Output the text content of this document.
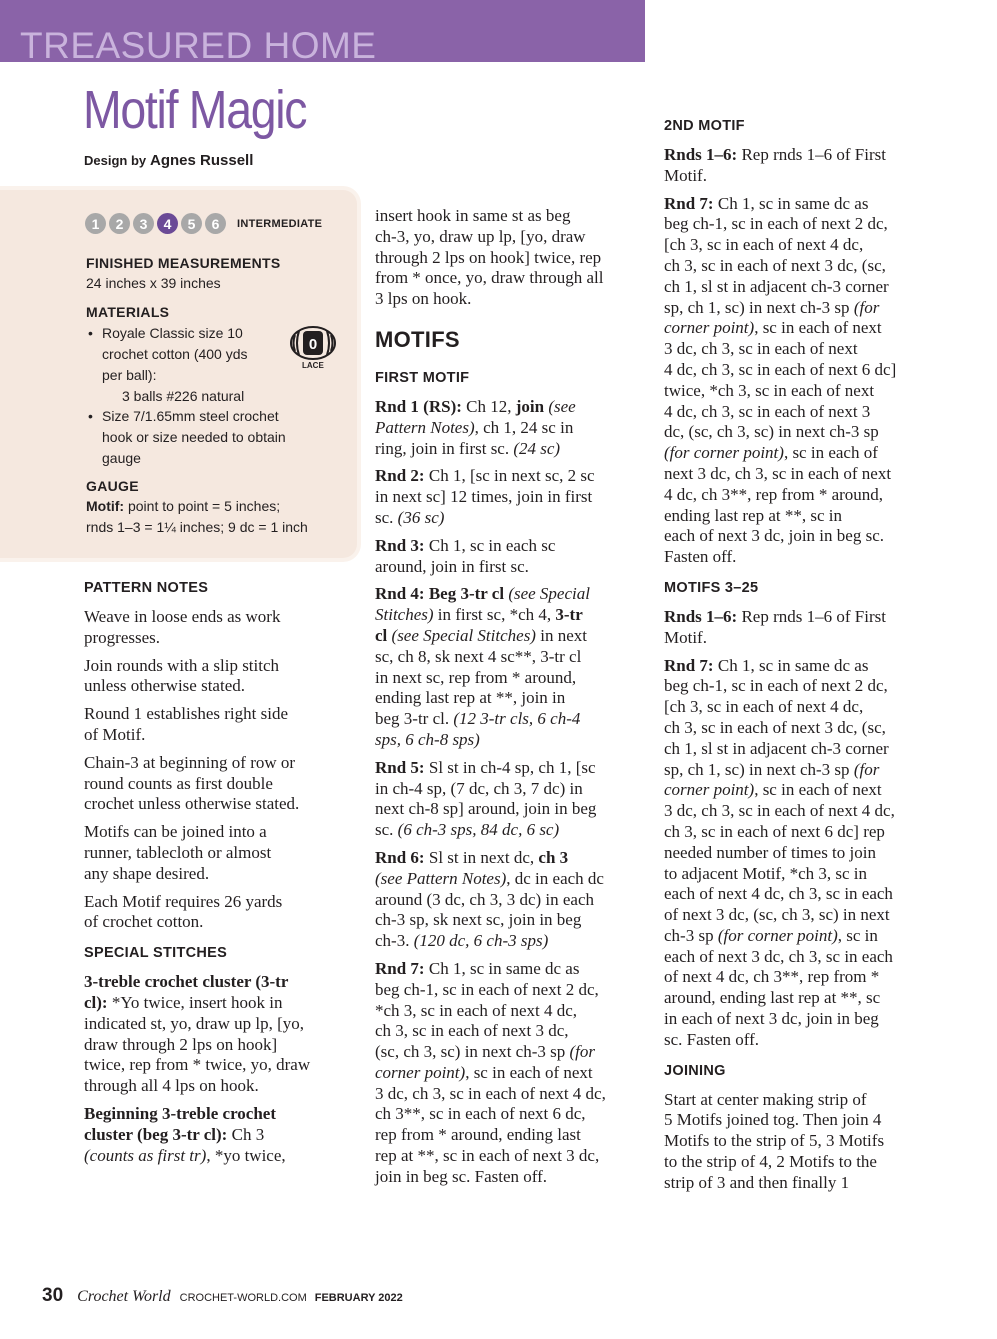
TREASURED HOME
Motif Magic
Design by Agnes Russell
1	2	3	4	5	6	INTERMEDIATE
FINISHED MEASUREMENTS
24 inches x 39 inches
MATERIALS
• Royale Classic size 10
crochet cotton (400 yds
per ball):
3 balls #226 natural
• Size 7/1.65mm steel crochet
hook or size needed to obtain
gauge
0
LACE
GAUGE
Motif: point to point = 5 inches;
rnds 1–3 = 1¼ inches; 9 dc = 1 inch
PATTERN NOTES

Weave in loose ends as work
progresses.

Join rounds with a slip stitch
unless otherwise stated.

Round 1 establishes right side
of Motif.

Chain-3 at beginning of row or
round counts as first double
crochet unless otherwise stated.

Motifs can be joined into a
runner, tablecloth or almost
any shape desired.

Each Motif requires 26 yards
of crochet cotton.

SPECIAL STITCHES

3-treble crochet cluster (3-tr
cl): *Yo twice, insert hook in
indicated st, yo, draw up lp, [yo,
draw through 2 lps on hook]
twice, rep from * twice, yo, draw
through all 4 lps on hook.

Beginning 3-treble crochet
cluster (beg 3-tr cl): Ch 3
(counts as first tr), *yo twice,

insert hook in same st as beg
ch-3, yo, draw up lp, [yo, draw
through 2 lps on hook] twice, rep
from * once, yo, draw through all
3 lps on hook.

MOTIFS
FIRST MOTIF

Rnd 1 (RS): Ch 12, join (see
Pattern Notes), ch 1, 24 sc in
ring, join in first sc. (24 sc)

Rnd 2: Ch 1, [sc in next sc, 2 sc
in next sc] 12 times, join in first
sc. (36 sc)

Rnd 3: Ch 1, sc in each sc
around, join in first sc.

Rnd 4: Beg 3-tr cl (see Special
Stitches) in first sc, *ch 4, 3-tr
cl (see Special Stitches) in next
sc, ch 8, sk next 4 sc**, 3-tr cl
in next sc, rep from * around,
ending last rep at **, join in
beg 3-tr cl. (12 3-tr cls, 6 ch-4
sps, 6 ch-8 sps)

Rnd 5: Sl st in ch-4 sp, ch 1, [sc
in ch-4 sp, (7 dc, ch 3, 7 dc) in
next ch-8 sp] around, join in beg
sc. (6 ch-3 sps, 84 dc, 6 sc)

Rnd 6: Sl st in next dc, ch 3
(see Pattern Notes), dc in each dc
around (3 dc, ch 3, 3 dc) in each
ch-3 sp, sk next sc, join in beg
ch-3. (120 dc, 6 ch-3 sps)

Rnd 7: Ch 1, sc in same dc as
beg ch-1, sc in each of next 2 dc,
*ch 3, sc in each of next 4 dc,
ch 3, sc in each of next 3 dc,
(sc, ch 3, sc) in next ch-3 sp (for
corner point), sc in each of next
3 dc, ch 3, sc in each of next 4 dc,
ch 3**, sc in each of next 6 dc,
rep from * around, ending last
rep at **, sc in each of next 3 dc,
join in beg sc. Fasten off.

2ND MOTIF

Rnds 1–6: Rep rnds 1–6 of First
Motif.

Rnd 7: Ch 1, sc in same dc as
beg ch-1, sc in each of next 2 dc,
[ch 3, sc in each of next 4 dc,
ch 3, sc in each of next 3 dc, (sc,
ch 1, sl st in adjacent ch-3 corner
sp, ch 1, sc) in next ch-3 sp (for
corner point), sc in each of next
3 dc, ch 3, sc in each of next
4 dc, ch 3, sc in each of next 6 dc]
twice, *ch 3, sc in each of next
4 dc, ch 3, sc in each of next 3
dc, (sc, ch 3, sc) in next ch-3 sp
(for corner point), sc in each of
next 3 dc, ch 3, sc in each of next
4 dc, ch 3**, rep from * around,
ending last rep at **, sc in
each of next 3 dc, join in beg sc.
Fasten off.

MOTIFS 3–25

Rnds 1–6: Rep rnds 1–6 of First
Motif.

Rnd 7: Ch 1, sc in same dc as
beg ch-1, sc in each of next 2 dc,
[ch 3, sc in each of next 4 dc,
ch 3, sc in each of next 3 dc, (sc,
ch 1, sl st in adjacent ch-3 corner
sp, ch 1, sc) in next ch-3 sp (for
corner point), sc in each of next
3 dc, ch 3, sc in each of next 4 dc,
ch 3, sc in each of next 6 dc] rep
needed number of times to join
to adjacent Motif, *ch 3, sc in
each of next 4 dc, ch 3, sc in each
of next 3 dc, (sc, ch 3, sc) in next
ch-3 sp (for corner point), sc in
each of next 3 dc, ch 3, sc in each
of next 4 dc, ch 3**, rep from *
around, ending last rep at **, sc
in each of next 3 dc, join in beg
sc. Fasten off.

JOINING

Start at center making strip of
5 Motifs joined tog. Then join 4
Motifs to the strip of 5, 3 Motifs
to the strip of 4, 2 Motifs to the
strip of 3 and then finally 1

30 Crochet World CROCHET-WORLD.COM FEBRUARY 2022
